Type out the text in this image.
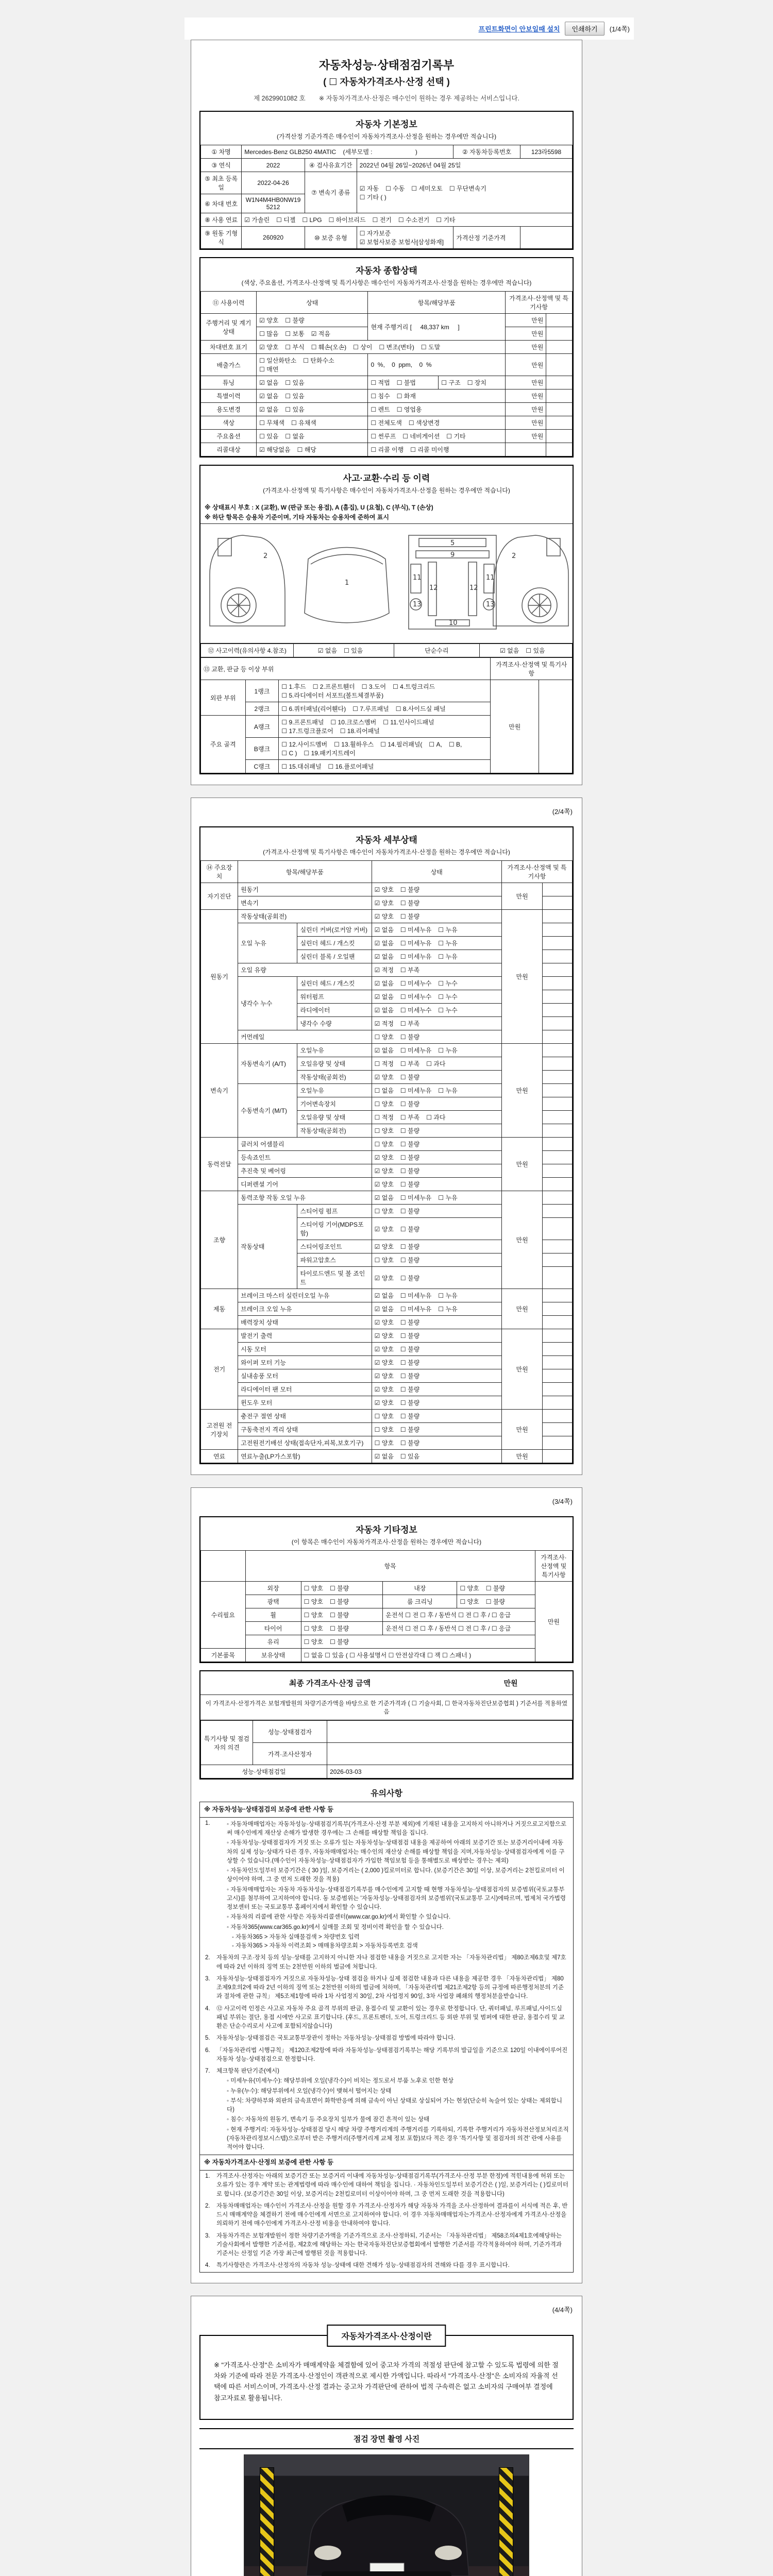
프린트화면이 안보일때 설치	인쇄하기	(1/4쪽)
자동차성능·상태점검기록부
( ☐ 자동차가격조사·산정 선택 )
제 2629901082 호 ※ 자동차가격조사·산정은 매수인이 원하는 경우 제공하는 서비스입니다.
자동차 기본정보
(가격산정 기준가격은 매수인이 자동차가격조사·산정을 원하는 경우에만 적습니다)
① 차명	Mercedes-Benz GLB250 4MATIC    (세부모델 :                         )			② 자동차등록번호	123라5598
③ 연식	2022	④ 검사유효기간	2022년 04월 26일~2026년 04월 25일		
⑤ 최초 등록일	2022-04-26	⑦ 변속기 종류	☑ 자동 ☐ 수동 ☐ 세미오토 ☐ 무단변속기
☐ 기타 ( )		

⑥ 차대 번호	W1N4M4HB0NW195212				
⑧ 사용 연료	☑ 가솔린 ☐ 디젤 ☐ LPG ☐ 하이브리드 ☐ 전기 ☐ 수소전기 ☐ 기타				
⑨ 원동 기형식	260920	⑩ 보증 유형	☐ 자가보증☑ 보험사보증 보험사[삼성화재]	가격산정 기준가격	
자동차 종합상태
(색상, 주요옵션, 가격조사·산정액 및 특기사항은 매수인이 자동차가격조사·산정을 원하는 경우에만 적습니다)
⑪ 사용이력	상태	항목/해당부품		가격조사·산정액 및 특기사항	
주행거리 및 계기상태	☑ 양호 ☐ 불량	현재 주행거리 [     48,337 km     ]		만원	
	☐ 많음 ☐ 보통 ☑ 적음			만원	
차대번호 표기	☑ 양호 ☐ 부식 ☐ 훼손(오손) ☐ 상이 ☐ 변조(변타) ☐ 도말			만원	
배출가스	☐ 일산화탄소 ☐ 탄화수소☐ 매연	0  %,    0  ppm,    0  %		만원	
튜닝	☑ 없음 ☐ 있음	☐ 적법 ☐ 불법	☐ 구조 ☐ 장치	만원	
특별이력	☑ 없음 ☐ 있음	☐ 침수 ☐ 화재		만원	
용도변경	☑ 없음 ☐ 있음	☐ 렌트 ☐ 영업용		만원	
색상	☐ 무채색 ☐ 유채색	☐ 전체도색 ☐ 색상변경		만원	
주요옵션	☐ 있음 ☐ 없음	☐ 썬루프 ☐ 네비게이션 ☐ 기타		만원	
리콜대상	☑ 해당없음 ☐ 해당	☐ 리콜 이행 ☐ 리콜 미이행			
사고·교환·수리 등 이력
(가격조사·산정액 및 특기사항은 매수인이 자동차가격조사·산정을 원하는 경우에만 적습니다)
※ 상태표시 부호 : X (교환), W (판금 또는 용접), A (흠집), U (요철), C (부식), T (손상)
※ 하단 항목은 승용차 기준이며, 기타 자동차는 승용차에 준하여 표시
2
1
5
9
11	11
12	12
13	13
10
2
⑫ 사고이력(유의사항 4.참조)	☑ 없음 ☐ 있음	단순수리	☑ 없음 ☐ 있음
⑬ 교환, 판금 등 이상 부위			가격조사·산정액 및 특기사항	
외판 부위	1랭크	☐ 1.후드 ☐ 2.프론트휀더 ☐ 3.도어 ☐ 4.트렁크리드☐ 5.라디에이터 서포트(볼트체결부품)	만원	
	2랭크	☐ 6.쿼터패널(리어휀다) ☐ 7.루프패널 ☐ 8.사이드실 패널		
주요 골격	A랭크	☐ 9.프론트패널 ☐ 10.크로스멤버 ☐ 11.인사이드패널☐ 17.트렁크플로어 ☐ 18.리어패널		
	B랭크	☐ 12.사이드멤버 ☐ 13.휠하우스 ☐ 14.필러패널( ☐ A, ☐ B,☐ C ) ☐ 19.패키지트레이		
	C랭크	☐ 15.대쉬패널 ☐ 16.플로어패널		
(2/4쪽)
자동차 세부상태
(가격조사·산정액 및 특기사항은 매수인이 자동차가격조사·산정을 원하는 경우에만 적습니다)
⑭ 주요장치	항목/해당부품		상태	가격조사·산정액 및 특기사항	
자기진단	원동기		☑ 양호 ☐ 불량	만원	
	변속기		☑ 양호 ☐ 불량		
원동기	작동상태(공회전)		☑ 양호 ☐ 불량	만원	
	오일 누유	실린더 커버(로커암 커버)	☑ 없음 ☐ 미세누유 ☐ 누유		
		실린더 헤드 / 개스킷	☑ 없음 ☐ 미세누유 ☐ 누유		
		실린더 블록 / 오일팬	☑ 없음 ☐ 미세누유 ☐ 누유		
	오일 유량		☑ 적정 ☐ 부족		
	냉각수 누수	실린더 헤드 / 개스킷	☑ 없음 ☐ 미세누수 ☐ 누수		
		워터펌프	☑ 없음 ☐ 미세누수 ☐ 누수		
		라디에이터	☑ 없음 ☐ 미세누수 ☐ 누수		
		냉각수 수량	☑ 적정 ☐ 부족		
	커먼레일		☐ 양호 ☐ 불량		
변속기	자동변속기 (A/T)	오일누유	☑ 없음 ☐ 미세누유 ☐ 누유	만원	
		오일유량 및 상태	☐ 적정 ☐ 부족 ☐ 과다		
		작동상태(공회전)	☑ 양호 ☐ 불량		
	수동변속기 (M/T)	오일누유	☐ 없음 ☐ 미세누유 ☐ 누유		
		기어변속장치	☐ 양호 ☐ 불량		
		오일유량 및 상태	☐ 적정 ☐ 부족 ☐ 과다		
		작동상태(공회전)	☐ 양호 ☐ 불량		
동력전달	클러치 어셈블리		☐ 양호 ☐ 불량	만원	
	등속죠인트		☑ 양호 ☐ 불량		
	추진축 및 베어링		☑ 양호 ☐ 불량		
	디퍼렌셜 기어		☑ 양호 ☐ 불량		
조향	동력조향 작동 오일 누유		☑ 없음 ☐ 미세누유 ☐ 누유	만원	
	작동상태	스티어링 펌프	☐ 양호 ☐ 불량		
		스티어링 기어(MDPS포함)	☑ 양호 ☐ 불량		
		스티어링조인트	☑ 양호 ☐ 불량		
		파워고압호스	☐ 양호 ☐ 불량		
		타이로드엔드 및 볼 죠인트	☑ 양호 ☐ 불량		
제동	브레이크 마스터 실린더오일 누유		☑ 없음 ☐ 미세누유 ☐ 누유	만원	
	브레이크 오일 누유		☑ 없음 ☐ 미세누유 ☐ 누유		
	배력장치 상태		☑ 양호 ☐ 불량		
전기	발전기 출력		☑ 양호 ☐ 불량	만원	
	시동 모터		☑ 양호 ☐ 불량		
	와이퍼 모터 기능		☑ 양호 ☐ 불량		
	실내송풍 모터		☑ 양호 ☐ 불량		
	라디에이터 팬 모터		☑ 양호 ☐ 불량		
	윈도우 모터		☑ 양호 ☐ 불량		
고전원 전기장치	충전구 절연 상태		☐ 양호 ☐ 불량	만원	
	구동축전지 격리 상태		☐ 양호 ☐ 불량		
	고전원전기배선 상태(접속단자,피복,보호기구)		☐ 양호 ☐ 불량		
연료	연료누출(LP가스포함)		☑ 없음 ☐ 있음	만원	
(3/4쪽)
자동차 기타정보
(이 항목은 매수인이 자동차가격조사·산정을 원하는 경우에만 적습니다)
	항목				가격조사·산정액 및 특기사항
수리필요	외장	☐ 양호 ☐ 불량	내장	☐ 양호 ☐ 불량	만원
	광택	☐ 양호 ☐ 불량	룸 크리닝	☐ 양호 ☐ 불량	
	휠	☐ 양호 ☐ 불량	운전석 ☐ 전 ☐ 후 / 동반석 ☐ 전 ☐ 후 / ☐ 응급		
	타이어	☐ 양호 ☐ 불량	운전석 ☐ 전 ☐ 후 / 동반석 ☐ 전 ☐ 후 / ☐ 응급		
	유리	☐ 양호 ☐ 불량			
기본품목	보유상태	☐ 없음 ☐ 있음 ( ☐ 사용설명서 ☐ 안전삼각대 ☐ 잭 ☐ 스패너 )			
최종 가격조사·산정 금액	만원
이 가격조사·산정가격은 보험개발원의 차량기준가액을 바탕으로 한 기준가격과 ( ☐ 기술사회, ☐ 한국자동차진단보증협회 ) 기준서를 적용하였음
특기사항 및 점검자의 의견	성능·상태점검자	
	가격·조사산정자	
성능·상태점검일		2026-03-03
유의사항
※ 자동차성능·상태점검의 보증에 관한 사항 등
1.	◦ 자동차매매업자는 자동차성능·상태점검기록부(가격조사·산정 부분 제외)에 기재된 내용을 고지하지 아니하거나 거짓으로고지함으로써 매수인에게 재산상 손해가 발생한 경우에는 그 손해를 배상할 책임을 집니다.
◦ 자동차성능·상태점검자가 거짓 또는 오류가 있는 자동차성능·상태점검 내용을 제공하여 아래의 보증기간 또는 보증거리이내에 자동차의 실제 성능·상태가 다른 경우, 자동차매매업자는 매수인의 재산상 손해를 배상할 책임을 지며,자동차성능·상태점검자에게 이를 구상할 수 있습니다.(매수인이 자동차성능·상태점검자가 가입한 책임보험 등을 통해별도로 배상받는 경우는 제외)
◦ 자동차인도일부터 보증기간은 ( 30 )일, 보증거리는 ( 2,000 )킬로미터로 합니다. (보증기간은 30일 이상, 보증거리는 2천킬로미터 이상이어야 하며, 그 중 먼저 도래한 것을 적용)
◦ 자동차매매업자는 자동차 자동차성능·상태점검기록부를 매수인에게 고지할 때 현행 자동차성능·상태점검자의 보증범위(국토교통부 고시)를 첨부하여 고지하여야 합니다. 동 보증범위는 '자동차성능·상태점검자의 보증범위'(국토교통부 고시)에따르며, 법제처 국가법령정보센터 또는 국토교통부 홈페이지에서 확인할 수 있습니다.
◦ 자동차의 리콜에 관한 사항은 자동차리콜센터(www.car.go.kr)에서 확인할 수 있습니다.
◦ 자동차365(www.car365.go.kr)에서 실매물 조회 및 정비이력 확인을 할 수 있습니다.
- 자동차365 > 자동차 실매물검색 > 차량번호 입력
- 자동차365 > 자동차 이력조회 > 매매용차량조회 > 자동차등록번호 검색
2.	자동차의 구조·장치 등의 성능·상태를 고지하지 아니한 자나 점검한 내용을 거짓으로 고지한 자는 「자동차관리법」 제80조제6호및 제7호에 따라 2년 이하의 징역 또는 2천만원 이하의 벌금에 처합니다.
3.	자동차성능·상태점검자가 거짓으로 자동차성능·상태 점검을 하거나 실제 점검한 내용과 다른 내용을 제공한 경우 「자동차관리법」 제80조제9호의2에 따라 2년 이하의 징역 또는 2천만원 이하의 벌금에 처하며, 「자동차관리법 제21조제2항 등의 규정에 따른행정처분의 기준과 절차에 관한 규칙」 제5조제1항에 따라 1차 사업정지 30일, 2차 사업정지 90일, 3차 사업장 폐쇄의 행정처분을받습니다.
4.	⑫ 사고이력 인정은 사고로 자동차 주요 골격 부위의 판금, 용접수리 및 교환이 있는 경우로 한정합니다. 단, 쿼터패널, 루프패널,사이드실 패널 부위는 절단, 용접 시에만 사고로 표기합니다. (후드, 프론트펜더, 도어, 트렁크리드 등 외판 부위 및 범퍼에 대한 판금, 용접수리 및 교환은 단순수리로서 사고에 포함되지않습니다)
5.	자동차성능·상태점검은 국토교통부장관이 정하는 자동차성능·상태점검 방법에 따라야 합니다.
6.	「자동차관리법 시행규칙」 제120조제2항에 따라 자동차성능·상태점검기록부는 해당 기록부의 발급일을 기준으로 120일 이내에이루어진 자동차 성능·상태점검으로 한정합니다.
7.	체크항목 판단기준(예시)
◦ 미세누유(미세누수): 해당부위에 오일(냉각수)이 비치는 정도로서 부품 노후로 인한 현상
◦ 누유(누수): 해당부위에서 오일(냉각수)이 맺혀서 떨어지는 상태
◦ 부식: 차량하부와 외판의 금속표면이 화학반응에 의해 금속이 아닌 상태로 상실되어 가는 현상(단순히 녹슬어 있는 상태는 제외합니다)
◦ 침수: 자동차의 원동기, 변속기 등 주요장치 일부가 물에 잠긴 흔적이 있는 상태
◦ 현재 주행거리: 자동차성능·상태점검 당시 해당 차량 주행거리계의 주행거리를 기록하되, 기록한 주행거리가 자동차전산정보처리조직(자동차관리정보시스템)으로부터 받은 주행거리(주행거리계 교체 정보 포함)보다 적은 경우 '특기사항 및 점검자의 의견' 란에 사유를 적어야 합니다.
※ 자동차가격조사·산정의 보증에 관한 사항 등
1.	가격조사·산정자는 아래의 보증기간 또는 보증거리 이내에 자동차성능·상태점검기록부(가격조사·산정 부분 한정)에 적힌내용에 허위 또는 오류가 있는 경우 계약 또는 관계법령에 따라 매수인에 대하여 책임을 집니다. · 자동차인도일부터 보증기간은 ( )일, 보증거리는 ( )킬로미터로 합니다. (보증기간은 30일 이상, 보증거리는 2천킬로미터 이상이어야 하며, 그 중 먼저 도래한 것을 적용합니다)
2.	자동차매매업자는 매수인이 가격조사·산정을 원할 경우 가격조사·산정자가 해당 자동차 가격을 조사·산정하여 결과를이 서식에 적은 후, 반드시 매매계약을 체결하기 전에 매수인에게 서면으로 고지하여야 합니다. 이 경우 자동차매매업자는가격조사·산정자에게 가격조사·산정을 의뢰하기 전에 매수인에게 가격조사·산정 비용을 안내하여야 합니다.
3.	자동차가격은 보험개발원이 정한 차량기준가액을 기준가격으로 조사·산정하되, 기준서는 「자동차관리법」 제58조의4제1호에해당하는 기술사회에서 발행한 기준서를, 제2호에 해당하는 자는 한국자동차진단보증협회에서 발행한 기준서를 각각적용하여야 하며, 기준가격과 기준서는 산정일 기준 가장 최근에 발행된 것을 적용합니다.
4.	특기사항란은 가격조사·산정자의 자동차 성능·상태에 대한 견해가 성능·상태점검자의 견해와 다를 경우 표시합니다.
(4/4쪽)
자동차가격조사·산정이란
※ "가격조사·산정"은 소비자가 매매계약을 체결함에 있어 중고차 가격의 적절성 판단에 참고할 수 있도록 법령에 의한 절차와 기준에 따라 전문 가격조사·산정인이 객관적으로 제시한 가액입니다. 따라서 "가격조사·산정"은 소비자의 자율적 선택에 따른 서비스이며, 가격조사·산정 결과는 중고차 가격판단에 관하여 법적 구속력은 없고 소비자의 구매여부 결정에 참고자료로 활용됩니다.
점검 장면 촬영 사진
